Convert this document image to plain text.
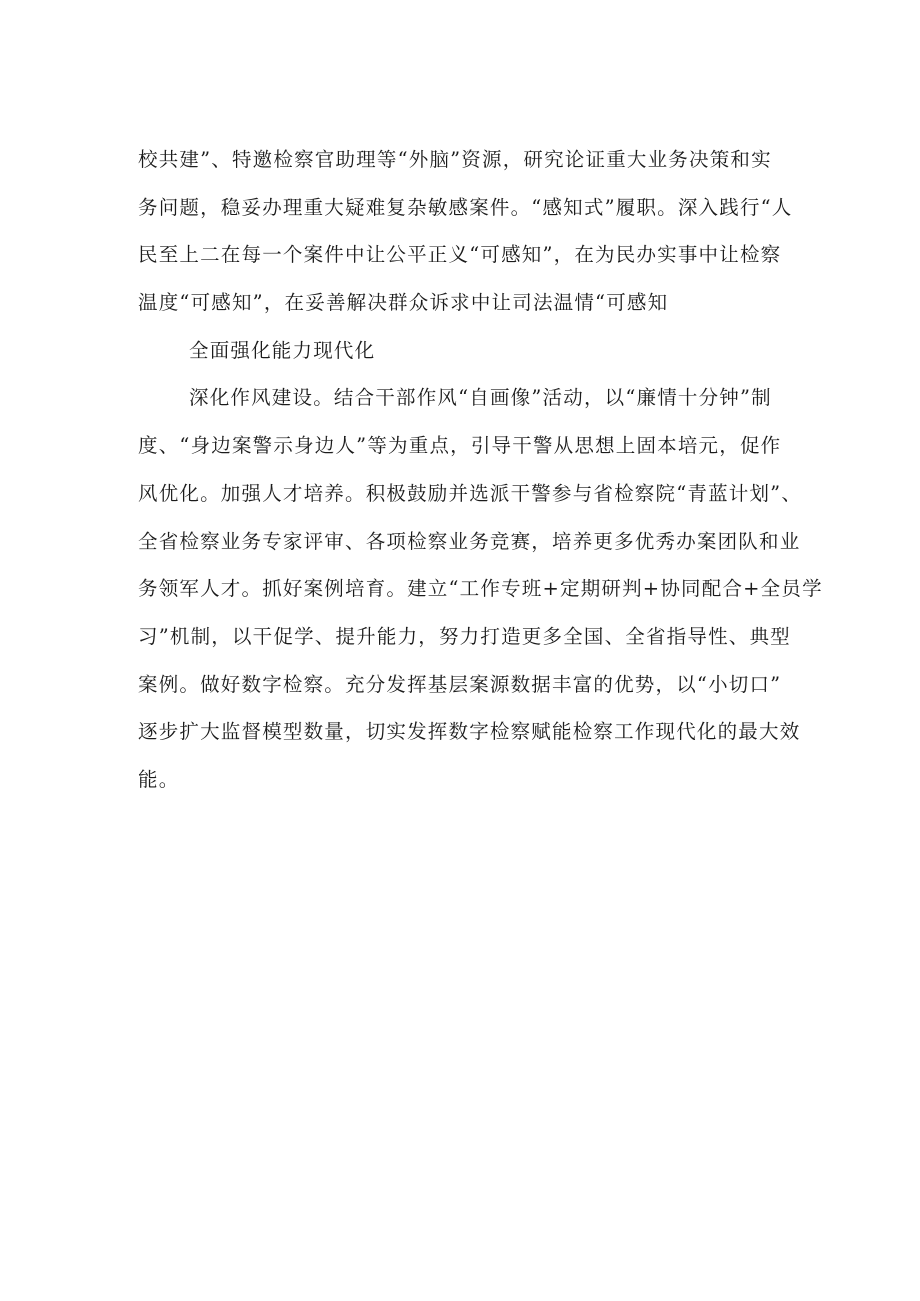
校共建”、特邀检察官助理等“外脑”资源，研究论证重大业务决策和实
务问题，稳妥办理重大疑难复杂敏感案件。“感知式”履职。深入践行“人
民至上二在每一个案件中让公平正义“可感知”，在为民办实事中让检察
温度“可感知”，在妥善解决群众诉求中让司法温情“可感知
全面强化能力现代化
深化作风建设。结合干部作风“自画像”活动，以“廉情十分钟”制
度、“身边案警示身边人”等为重点，引导干警从思想上固本培元，促作
风优化。加强人才培养。积极鼓励并选派干警参与省检察院“青蓝计划”、
全省检察业务专家评审、各项检察业务竞赛，培养更多优秀办案团队和业
务领军人才。抓好案例培育。建立“工作专班+定期研判+协同配合+全员学
习”机制，以干促学、提升能力，努力打造更多全国、全省指导性、典型
案例。做好数字检察。充分发挥基层案源数据丰富的优势，以“小切口”
逐步扩大监督模型数量，切实发挥数字检察赋能检察工作现代化的最大效
能。
